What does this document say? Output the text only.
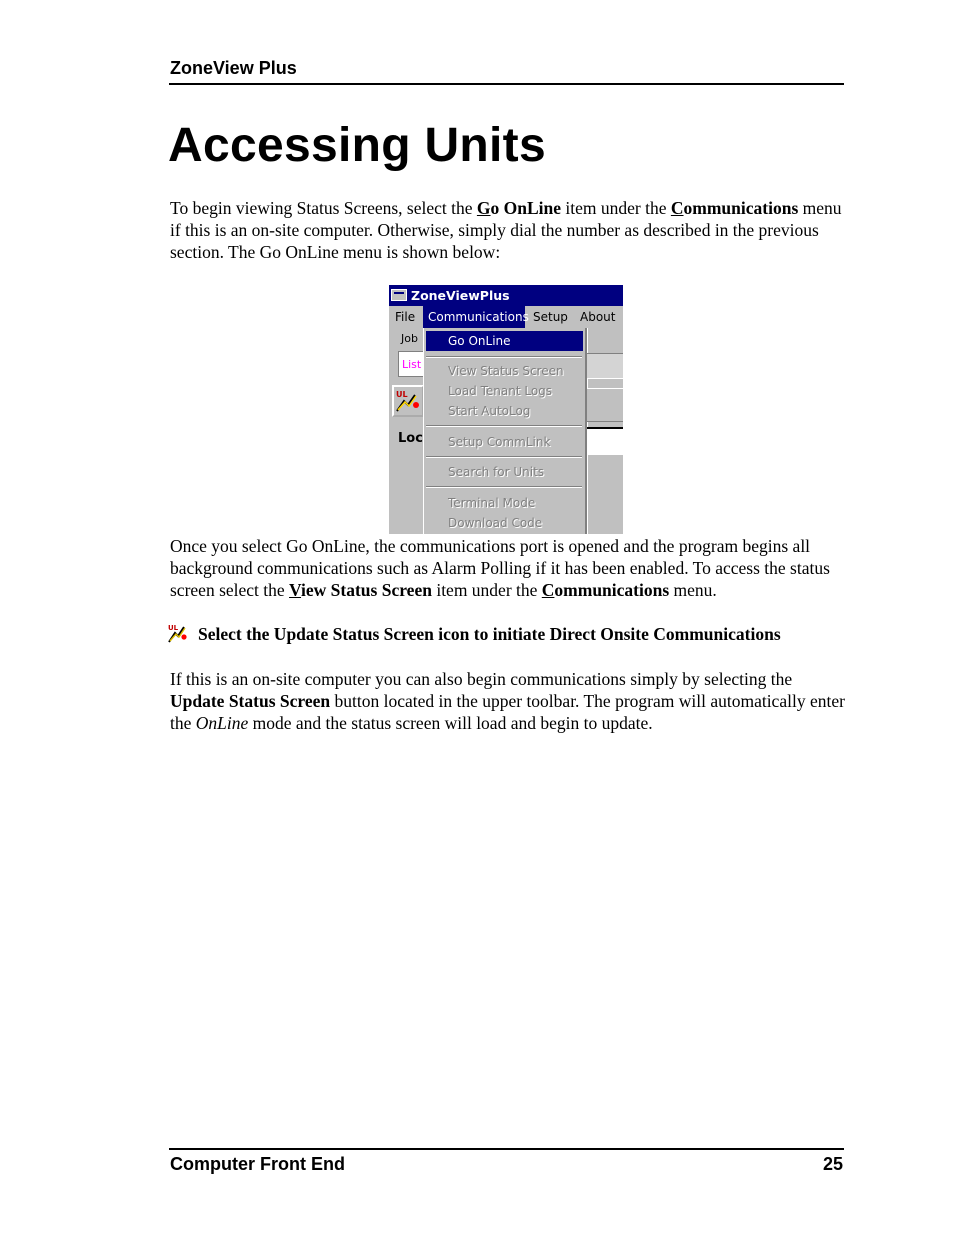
ZoneView Plus
Accessing Units

To begin viewing Status Screens, select the Go OnLine item under the Communications menu if this is an on-site computer. Otherwise, simply dial the number as described in the previous section. The Go OnLine menu is shown below:

ZoneViewPlus
File	Communications Setup About
Job
List
UL
Loc
Go OnLine
View Status Screen
Load Tenant Logs
Start AutoLog
Setup CommLink
Search for Units
Terminal Mode
Download Code

Once you select Go OnLine, the communications port is opened and the program begins all background communications such as Alarm Polling if it has been enabled. To access the status screen select the View Status Screen item under the Communications menu.

UL Select the Update Status Screen icon to initiate Direct Onsite Communications

If this is an on-site computer you can also begin communications simply by selecting the Update Status Screen button located in the upper toolbar. The program will automatically enter the OnLine mode and the status screen will load and begin to update.

Computer Front End	25
